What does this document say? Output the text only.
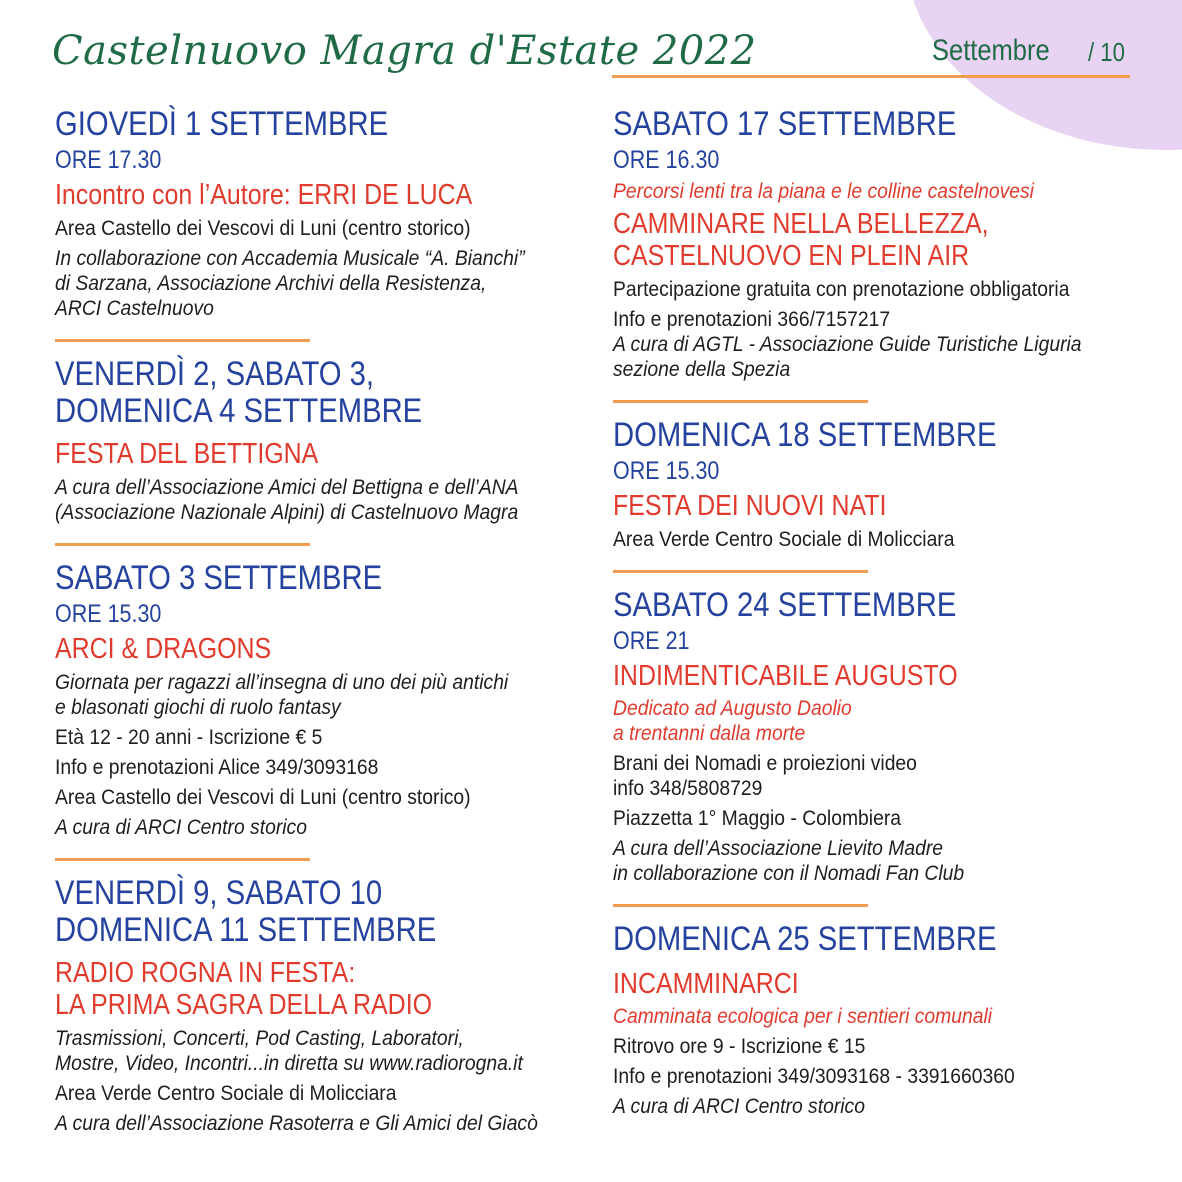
Castelnuovo Magra d'Estate 2022	Settembre / 10
GIOVEDÌ 1 SETTEMBRE
ORE 17.30
Incontro con l’Autore: ERRI DE LUCA
Area Castello dei Vescovi di Luni (centro storico)
In collaborazione con Accademia Musicale “A. Bianchi”
di Sarzana, Associazione Archivi della Resistenza,
ARCI Castelnuovo
VENERDÌ 2, SABATO 3,
DOMENICA 4 SETTEMBRE
FESTA DEL BETTIGNA
A cura dell’Associazione Amici del Bettigna e dell’ANA
(Associazione Nazionale Alpini) di Castelnuovo Magra
SABATO 3 SETTEMBRE
ORE 15.30
ARCI & DRAGONS
Giornata per ragazzi all’insegna di uno dei più antichi
e blasonati giochi di ruolo fantasy
Età 12 - 20 anni - Iscrizione € 5
Info e prenotazioni Alice 349/3093168
Area Castello dei Vescovi di Luni (centro storico)
A cura di ARCI Centro storico
VENERDÌ 9, SABATO 10
DOMENICA 11 SETTEMBRE
RADIO ROGNA IN FESTA:
LA PRIMA SAGRA DELLA RADIO
Trasmissioni, Concerti, Pod Casting, Laboratori,
Mostre, Video, Incontri...in diretta su www.radiorogna.it
Area Verde Centro Sociale di Molicciara
A cura dell’Associazione Rasoterra e Gli Amici del Giacò
SABATO 17 SETTEMBRE
ORE 16.30
Percorsi lenti tra la piana e le colline castelnovesi
CAMMINARE NELLA BELLEZZA,
CASTELNUOVO EN PLEIN AIR
Partecipazione gratuita con prenotazione obbligatoria
Info e prenotazioni 366/7157217
A cura di AGTL - Associazione Guide Turistiche Liguria
sezione della Spezia
DOMENICA 18 SETTEMBRE
ORE 15.30
FESTA DEI NUOVI NATI
Area Verde Centro Sociale di Molicciara
SABATO 24 SETTEMBRE
ORE 21
INDIMENTICABILE AUGUSTO
Dedicato ad Augusto Daolio
a trentanni dalla morte
Brani dei Nomadi e proiezioni video
info 348/5808729
Piazzetta 1° Maggio - Colombiera
A cura dell’Associazione Lievito Madre
in collaborazione con il Nomadi Fan Club
DOMENICA 25 SETTEMBRE
INCAMMINARCI
Camminata ecologica per i sentieri comunali
Ritrovo ore 9 - Iscrizione € 15
Info e prenotazioni 349/3093168 - 3391660360
A cura di ARCI Centro storico
